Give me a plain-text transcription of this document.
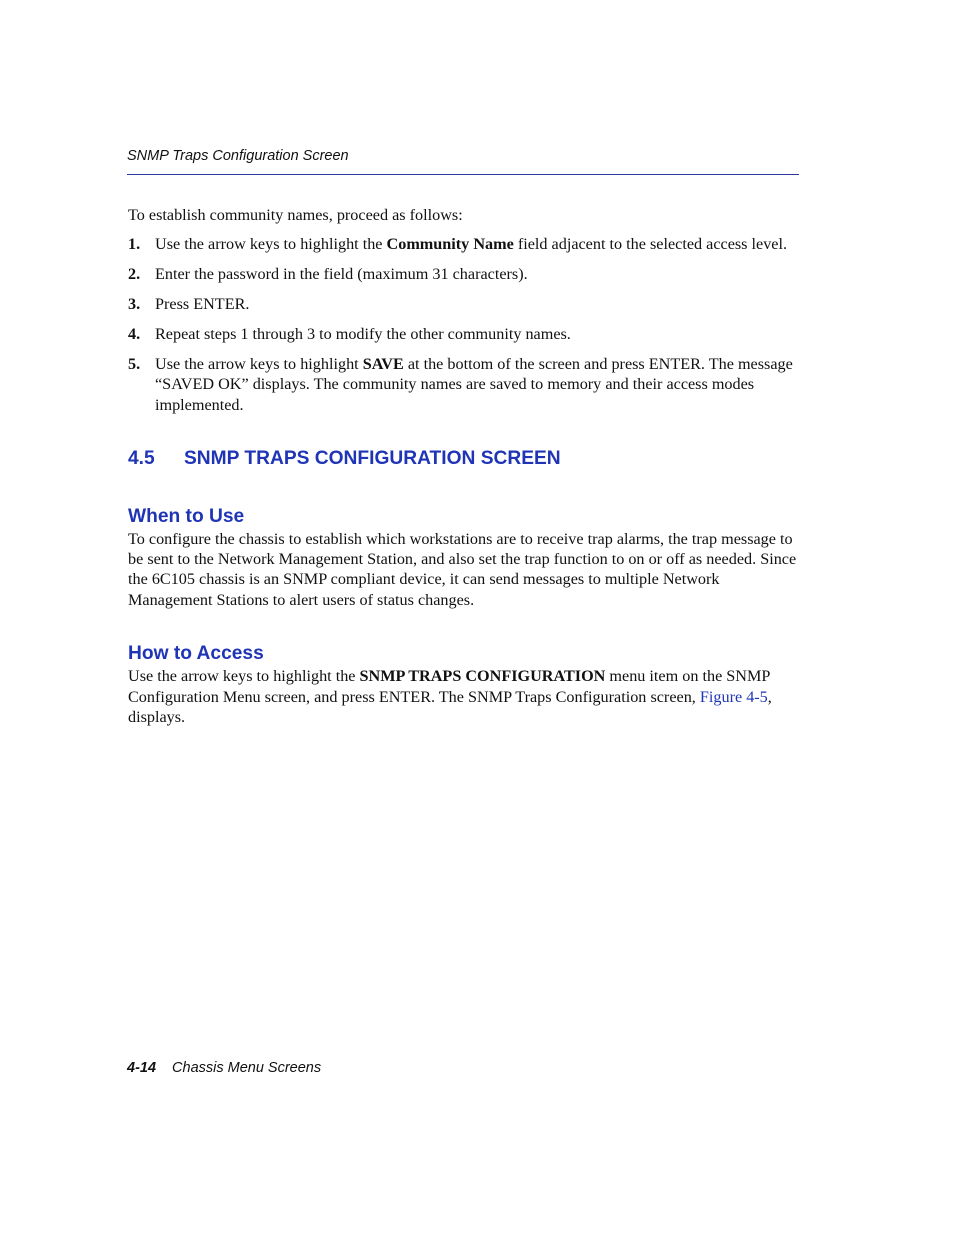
SNMP Traps Configuration Screen

To establish community names, proceed as follows:

1. Use the arrow keys to highlight the Community Name field adjacent to the selected access level.
2. Enter the password in the field (maximum 31 characters).
3. Press ENTER.
4. Repeat steps 1 through 3 to modify the other community names.
5. Use the arrow keys to highlight SAVE at the bottom of the screen and press ENTER. The message “SAVED OK” displays. The community names are saved to memory and their access modes implemented.
4.5 SNMP TRAPS CONFIGURATION SCREEN
When to Use

To configure the chassis to establish which workstations are to receive trap alarms, the trap message to be sent to the Network Management Station, and also set the trap function to on or off as needed. Since the 6C105 chassis is an SNMP compliant device, it can send messages to multiple Network Management Stations to alert users of status changes.

How to Access

Use the arrow keys to highlight the SNMP TRAPS CONFIGURATION menu item on the SNMP Configuration Menu screen, and press ENTER. The SNMP Traps Configuration screen, Figure 4-5, displays.

4-14 Chassis Menu Screens
